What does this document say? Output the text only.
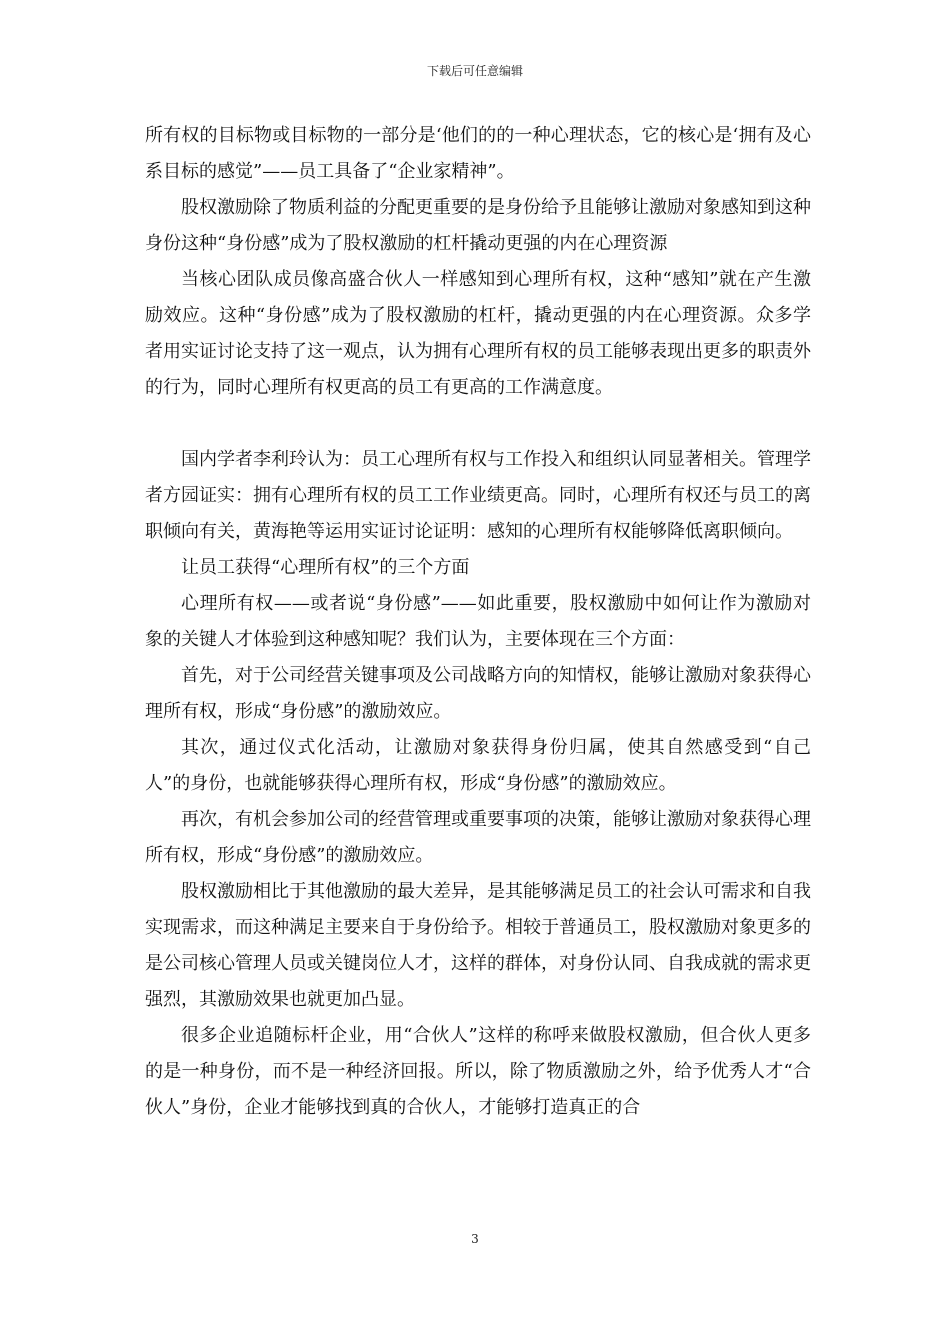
下载后可任意编辑

所有权的目标物或目标物的一部分是‘他们的的一种心理状态，它的核心是‘拥有及心系目标的感觉”——员工具备了“企业家精神”。

股权激励除了物质利益的分配更重要的是身份给予且能够让激励对象感知到这种身份这种“身份感”成为了股权激励的杠杆撬动更强的内在心理资源

当核心团队成员像高盛合伙人一样感知到心理所有权，这种“感知”就在产生激励效应。这种“身份感”成为了股权激励的杠杆，撬动更强的内在心理资源。众多学者用实证讨论支持了这一观点，认为拥有心理所有权的员工能够表现出更多的职责外的行为，同时心理所有权更高的员工有更高的工作满意度。

国内学者李利玲认为：员工心理所有权与工作投入和组织认同显著相关。管理学者方园证实：拥有心理所有权的员工工作业绩更高。同时，心理所有权还与员工的离职倾向有关，黄海艳等运用实证讨论证明：感知的心理所有权能够降低离职倾向。

让员工获得“心理所有权”的三个方面

心理所有权——或者说“身份感”——如此重要，股权激励中如何让作为激励对象的关键人才体验到这种感知呢？我们认为，主要体现在三个方面：

首先，对于公司经营关键事项及公司战略方向的知情权，能够让激励对象获得心理所有权，形成“身份感”的激励效应。

其次，通过仪式化活动，让激励对象获得身份归属，使其自然感受到“自己人”的身份，也就能够获得心理所有权，形成“身份感”的激励效应。

再次，有机会参加公司的经营管理或重要事项的决策，能够让激励对象获得心理所有权，形成“身份感”的激励效应。

股权激励相比于其他激励的最大差异，是其能够满足员工的社会认可需求和自我实现需求，而这种满足主要来自于身份给予。相较于普通员工，股权激励对象更多的是公司核心管理人员或关键岗位人才，这样的群体，对身份认同、自我成就的需求更强烈，其激励效果也就更加凸显。

很多企业追随标杆企业，用“合伙人”这样的称呼来做股权激励，但合伙人更多的是一种身份，而不是一种经济回报。所以，除了物质激励之外，给予优秀人才“合伙人”身份，企业才能够找到真的合伙人，才能够打造真正的合

3
